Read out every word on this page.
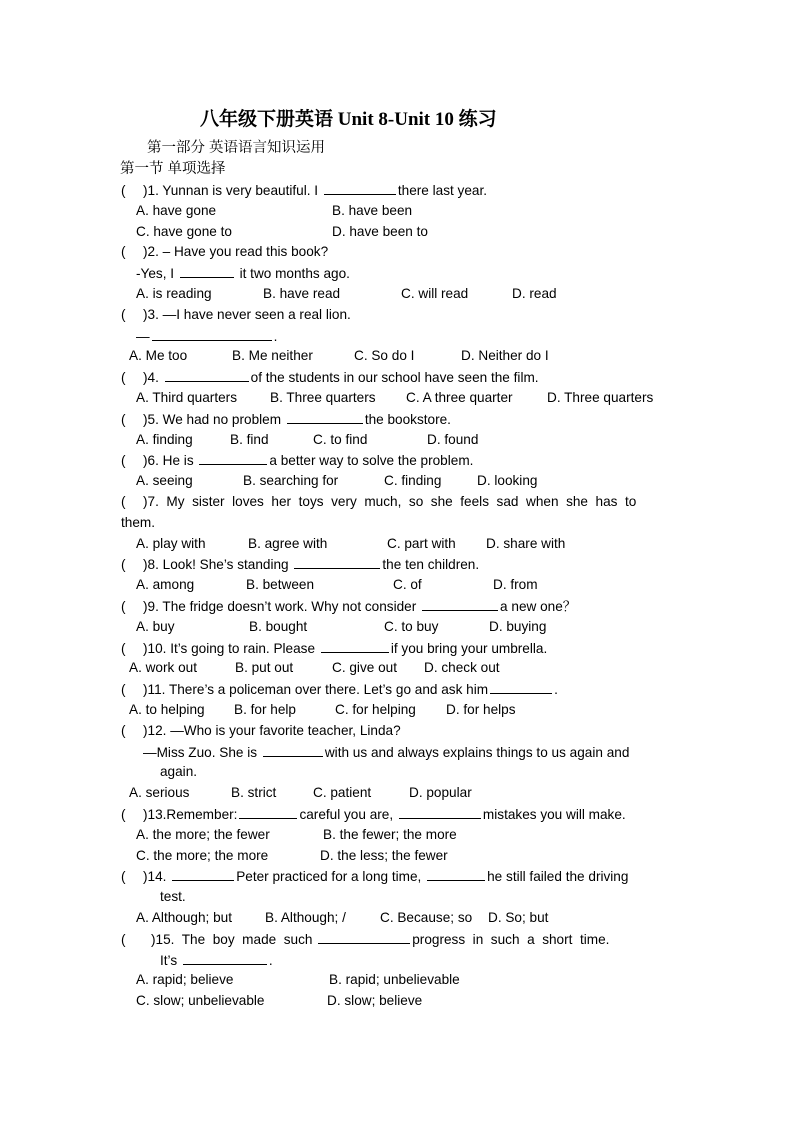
八年级下册英语 Unit 8-Unit 10 练习
第一部分 英语语言知识运用
第一节 单项选择
( )1. Yunnan is very beautiful. I	there last year.
A. have gone	B. have been
C. have gone to	D. have been to
( )2. – Have you read this book?
-Yes, I	it two months ago.
A. is reading	B. have read	C. will read	D. read
( )3. —I have never seen a real lion.
—	.
A. Me too	B. Me neither	C. So do I	D. Neither do I
( )4.	of the students in our school have seen the film.
A. Third quarters B. Three quarters C. A three quarter	D. Three quarters
( )5. We had no problem	the bookstore.
A. finding	B. find	C. to find	D. found
( )6. He is	a better way to solve the problem.
A. seeing	B. searching for	C. finding	D. looking
( )7.  My  sister  loves  her  toys  very  much,  so  she  feels  sad  when  she  has  to
them.
A. play with	B. agree with	C. part with D. share with
( )8. Look! She’s standing	the ten children.
A. among	B. between	C. of	D. from
( )9. The fridge doesn’t work. Why not consider	a new one？
A. buy	B. bought	C. to buy	D. buying
( )10. It’s going to rain. Please	if you bring your umbrella.
A. work out	B. put out	C. give out D. check out
( )11. There’s a policeman over there. Let’s go and ask him	.
A. to helping B. for help	C. for helping D. for helps
( )12. —Who is your favorite teacher, Linda?
—Miss Zuo. She is	with us and always explains things to us again and
again.
A. serious	B. strict	C. patient	D. popular
( )13.Remember:	careful you are,	mistakes you will make.
A. the more; the fewer	B. the fewer; the more
C. the more; the more	D. the less; the fewer
( )14.	Peter practiced for a long time,	he still failed the driving
test.
A. Although; but B. Although; /	C. Because; so D. So; but
( )15.  The  boy  made  such	progress  in  such  a  short  time.
It’s	.
A. rapid; believe	B. rapid; unbelievable
C. slow; unbelievable	D. slow; believe
